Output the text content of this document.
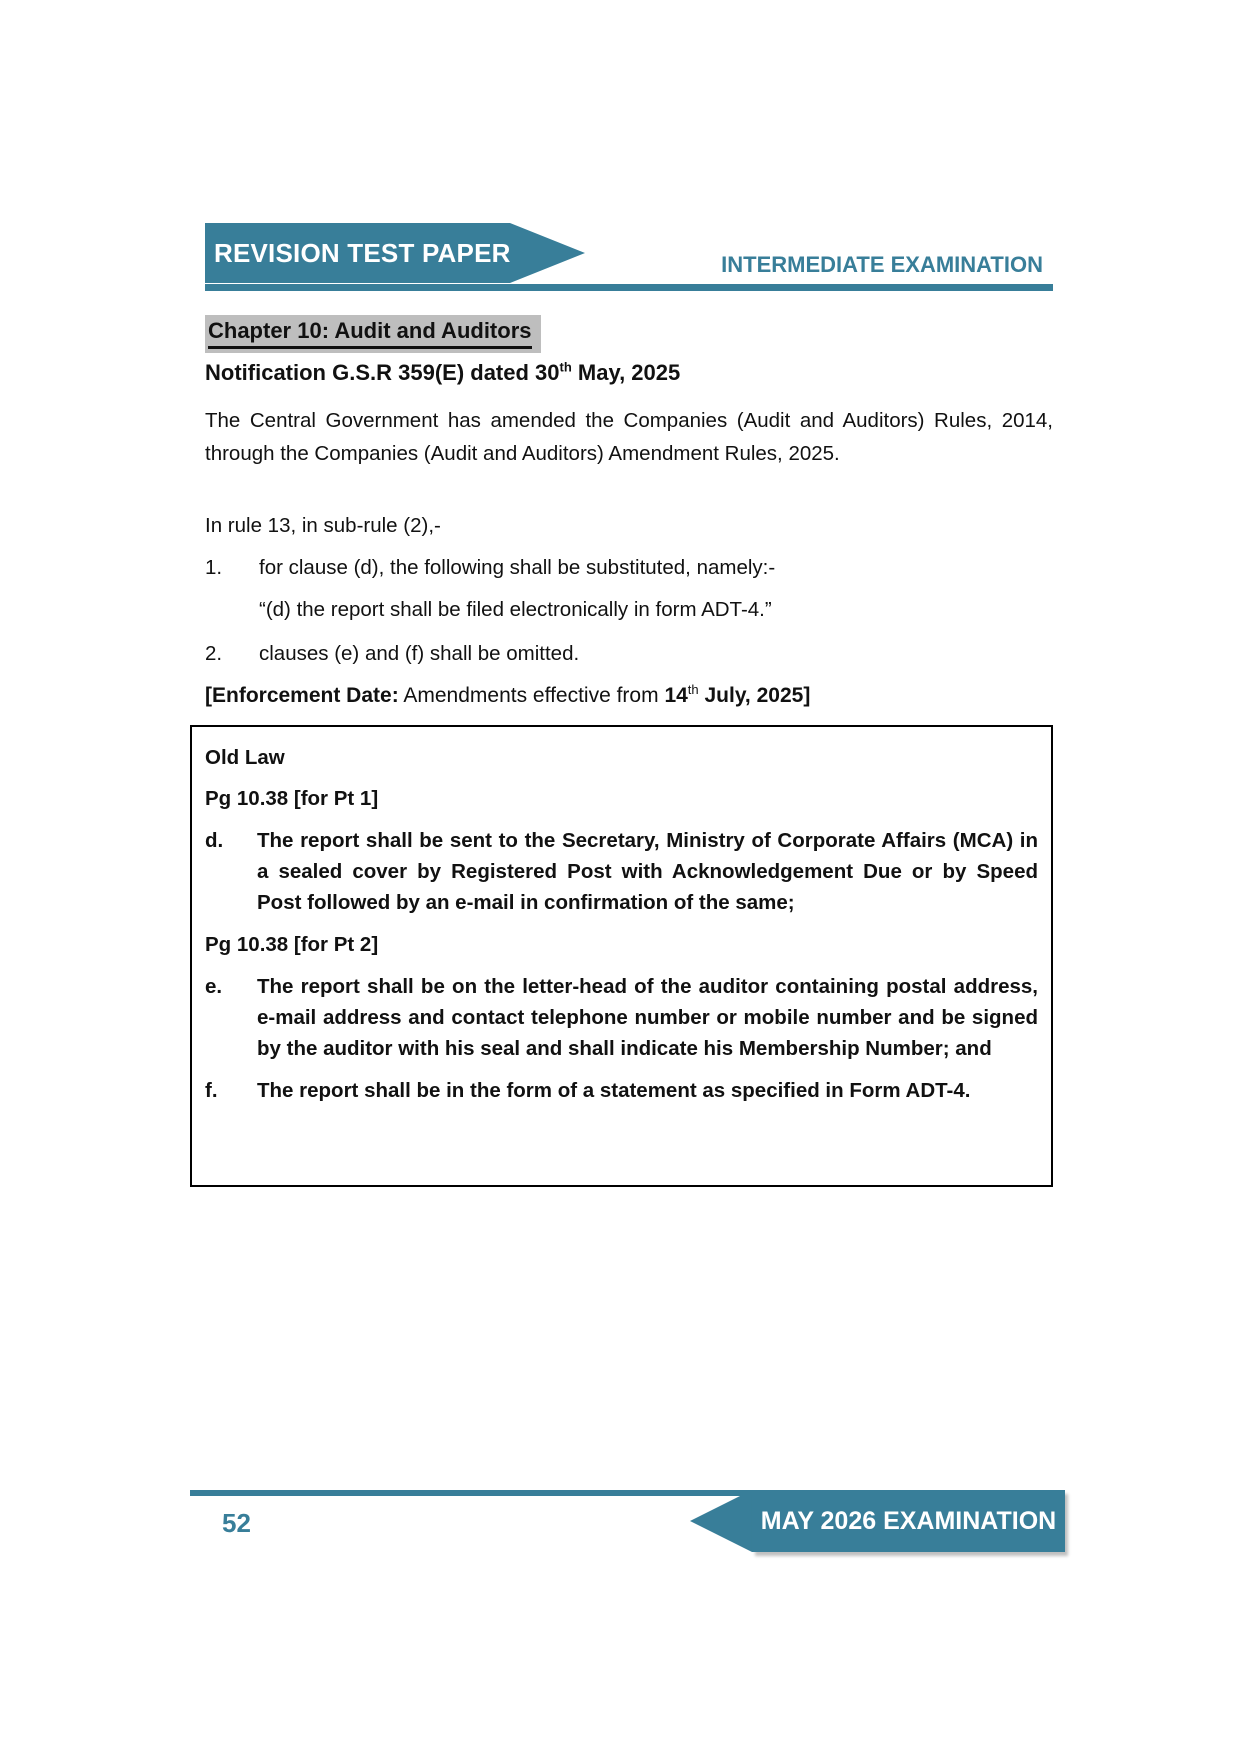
REVISION TEST PAPERS	INTERMEDIATE EXAMINATION
Chapter 10: Audit and Auditors
Notification G.S.R 359(E) dated 30th May, 2025

The Central Government has amended the Companies (Audit and Auditors) Rules, 2014, through the Companies (Audit and Auditors) Amendment Rules, 2025.

In rule 13, in sub-rule (2),-

1.	for clause (d), the following shall be substituted, namely:-
“(d) the report shall be filed electronically in form ADT-4.”
2.	clauses (e) and (f) shall be omitted.

[Enforcement Date: Amendments effective from 14th July, 2025]

Old Law

Pg 10.38 [for Pt 1]

d.	The report shall be sent to the Secretary, Ministry of Corporate Affairs (MCA) in a sealed cover by Registered Post with Acknowledgement Due or by Speed Post followed by an e-mail in confirmation of the same;

Pg 10.38 [for Pt 2]

e.	The report shall be on the letter-head of the auditor containing postal address, e-mail address and contact telephone number or mobile number and be signed by the auditor with his seal and shall indicate his Membership Number; and
f.	The report shall be in the form of a statement as specified in Form ADT-4.
MAY 2026 EXAMINATION
52
